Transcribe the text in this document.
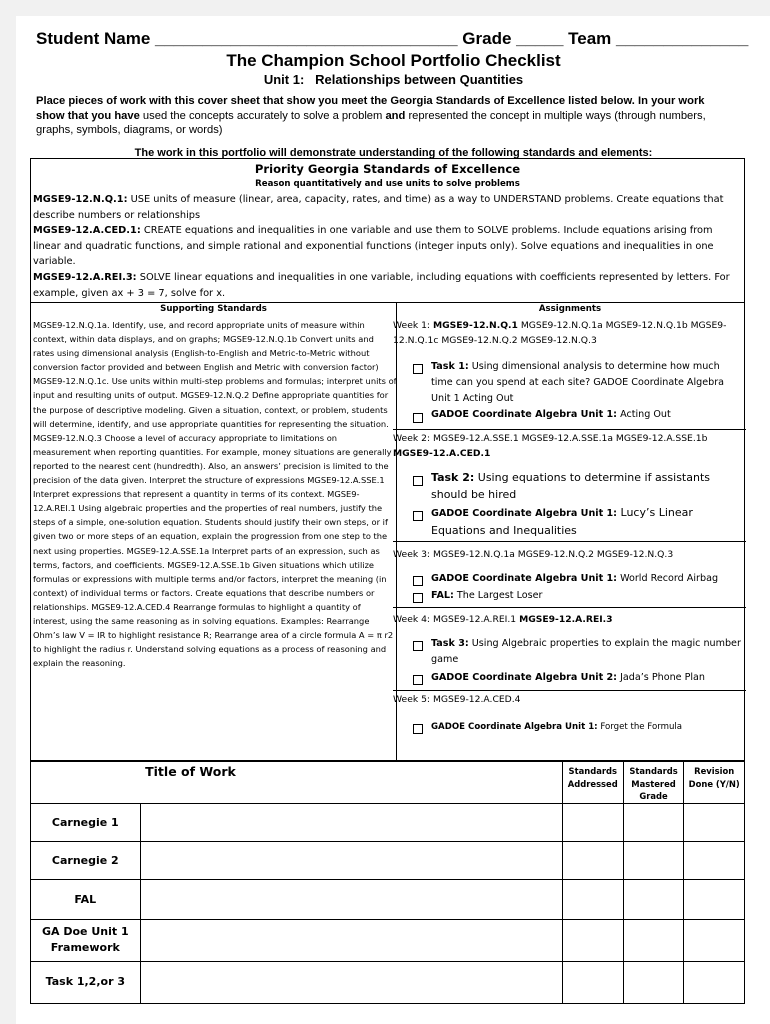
Student Name ________________________________ Grade _____ Team ______________
The Champion School Portfolio Checklist
Unit 1: Relationships between Quantities
Place pieces of work with this cover sheet that show you meet the Georgia Standards of Excellence listed below. In your work show that you have used the concepts accurately to solve a problem and represented the concept in multiple ways (through numbers, graphs, symbols, diagrams, or words)
The work in this portfolio will demonstrate understanding of the following standards and elements:
Priority Georgia Standards of Excellence
Reason quantitatively and use units to solve problems
MGSE9-12.N.Q.1: USE units of measure (linear, area, capacity, rates, and time) as a way to UNDERSTAND problems. Create equations that describe numbers or relationships
MGSE9-12.A.CED.1: CREATE equations and inequalities in one variable and use them to SOLVE problems. Include equations arising from linear and quadratic functions, and simple rational and exponential functions (integer inputs only). Solve equations and inequalities in one variable.
MGSE9-12.A.REI.3: SOLVE linear equations and inequalities in one variable, including equations with coefficients represented by letters. For example, given ax + 3 = 7, solve for x.
Supporting Standards
MGSE9-12.N.Q.1a. Identify, use, and record appropriate units of measure within context, within data displays, and on graphs; MGSE9-12.N.Q.1b Convert units and rates using dimensional analysis (English-to-English and Metric-to-Metric without conversion factor provided and between English and Metric with conversion factor) MGSE9-12.N.Q.1c. Use units within multi-step problems and formulas; interpret units of input and resulting units of output. MGSE9-12.N.Q.2 Define appropriate quantities for the purpose of descriptive modeling. Given a situation, context, or problem, students will determine, identify, and use appropriate quantities for representing the situation. MGSE9-12.N.Q.3 Choose a level of accuracy appropriate to limitations on measurement when reporting quantities. For example, money situations are generally reported to the nearest cent (hundredth). Also, an answers’ precision is limited to the precision of the data given. Interpret the structure of expressions MGSE9-12.A.SSE.1 Interpret expressions that represent a quantity in terms of its context. MGSE9-12.A.REI.1 Using algebraic properties and the properties of real numbers, justify the steps of a simple, one-solution equation. Students should justify their own steps, or if given two or more steps of an equation, explain the progression from one step to the next using properties. MGSE9-12.A.SSE.1a Interpret parts of an expression, such as terms, factors, and coefficients. MGSE9-12.A.SSE.1b Given situations which utilize formulas or expressions with multiple terms and/or factors, interpret the meaning (in context) of individual terms or factors. Create equations that describe numbers or relationships. MGSE9-12.A.CED.4 Rearrange formulas to highlight a quantity of interest, using the same reasoning as in solving equations. Examples: Rearrange Ohm’s law V = IR to highlight resistance R; Rearrange area of a circle formula A = π r2 to highlight the radius r. Understand solving equations as a process of reasoning and explain the reasoning.
Assignments
Week 1: MGSE9-12.N.Q.1 MGSE9-12.N.Q.1a MGSE9-12.N.Q.1b MGSE9-12.N.Q.1c MGSE9-12.N.Q.2 MGSE9-12.N.Q.3
Task 1: Using dimensional analysis to determine how much time can you spend at each site? GADOE Coordinate Algebra Unit 1 Acting Out
GADOE Coordinate Algebra Unit 1: Acting Out
Week 2: MGSE9-12.A.SSE.1 MGSE9-12.A.SSE.1a MGSE9-12.A.SSE.1b MGSE9-12.A.CED.1
Task 2: Using equations to determine if assistants should be hired
GADOE Coordinate Algebra Unit 1: Lucy’s Linear Equations and Inequalities
Week 3: MGSE9-12.N.Q.1a MGSE9-12.N.Q.2 MGSE9-12.N.Q.3
GADOE Coordinate Algebra Unit 1: World Record Airbag
FAL: The Largest Loser
Week 4: MGSE9-12.A.REI.1 MGSE9-12.A.REI.3
Task 3: Using Algebraic properties to explain the magic number game
GADOE Coordinate Algebra Unit 2: Jada’s Phone Plan
Week 5: MGSE9-12.A.CED.4
GADOE Coordinate Algebra Unit 1: Forget the Formula
	Title of Work	Standards Addressed	Standards Mastered Grade	Revision Done (Y/N)
Carnegie 1				
Carnegie 2				
FAL				
GA Doe Unit 1 Framework				
Task 1,2,or 3				
